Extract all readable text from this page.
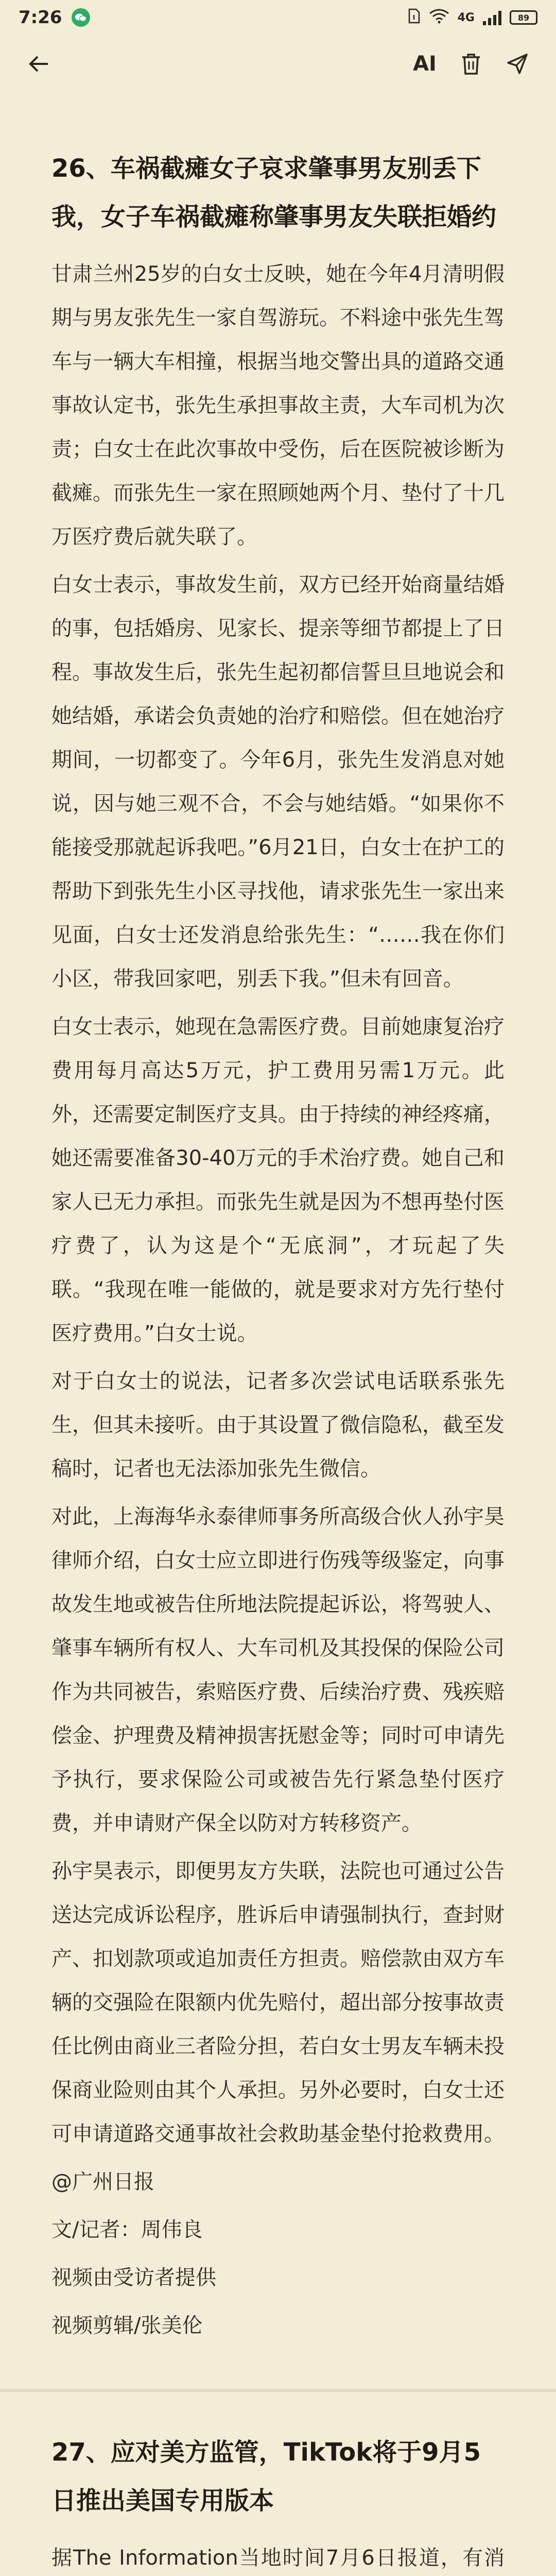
7:26	4G	89
AI
26、车祸截瘫女子哀求肇事男友别丢下我，女子车祸截瘫称肇事男友失联拒婚约

甘肃兰州25岁的白女士反映，她在今年4月清明假期与男友张先生一家自驾游玩。不料途中张先生驾车与一辆大车相撞，根据当地交警出具的道路交通事故认定书，张先生承担事故主责，大车司机为次责；白女士在此次事故中受伤，后在医院被诊断为截瘫。而张先生一家在照顾她两个月、垫付了十几万医疗费后就失联了。

白女士表示，事故发生前，双方已经开始商量结婚的事，包括婚房、见家长、提亲等细节都提上了日程。事故发生后，张先生起初都信誓旦旦地说会和她结婚，承诺会负责她的治疗和赔偿。但在她治疗期间，一切都变了。今年6月，张先生发消息对她说，因与她三观不合，不会与她结婚。“如果你不能接受那就起诉我吧。”6月21日，白女士在护工的帮助下到张先生小区寻找他，请求张先生一家出来见面，白女士还发消息给张先生：“……我在你们小区，带我回家吧，别丢下我。”但未有回音。

白女士表示，她现在急需医疗费。目前她康复治疗费用每月高达5万元，护工费用另需1万元。此外，还需要定制医疗支具。由于持续的神经疼痛，她还需要准备30-40万元的手术治疗费。她自己和家人已无力承担。而张先生就是因为不想再垫付医疗费了，认为这是个“无底洞”，才玩起了失联。“我现在唯一能做的，就是要求对方先行垫付医疗费用。”白女士说。

对于白女士的说法，记者多次尝试电话联系张先生，但其未接听。由于其设置了微信隐私，截至发稿时，记者也无法添加张先生微信。

对此，上海海华永泰律师事务所高级合伙人孙宇昊律师介绍，白女士应立即进行伤残等级鉴定，向事故发生地或被告住所地法院提起诉讼，将驾驶人、肇事车辆所有权人、大车司机及其投保的保险公司作为共同被告，索赔医疗费、后续治疗费、残疾赔偿金、护理费及精神损害抚慰金等；同时可申请先予执行，要求保险公司或被告先行紧急垫付医疗费，并申请财产保全以防对方转移资产。

孙宇昊表示，即便男友方失联，法院也可通过公告送达完成诉讼程序，胜诉后申请强制执行，查封财产、扣划款项或追加责任方担责。赔偿款由双方车辆的交强险在限额内优先赔付，超出部分按事故责任比例由商业三者险分担，若白女士男友车辆未投保商业险则由其个人承担。另外必要时，白女士还可申请道路交通事故社会救助基金垫付抢救费用。

@广州日报

文/记者：周伟良

视频由受访者提供

视频剪辑/张美伦

27、应对美方监管，TikTok将于9月5日推出美国专用版本

据The Information当地时间7月6日报道，有消
